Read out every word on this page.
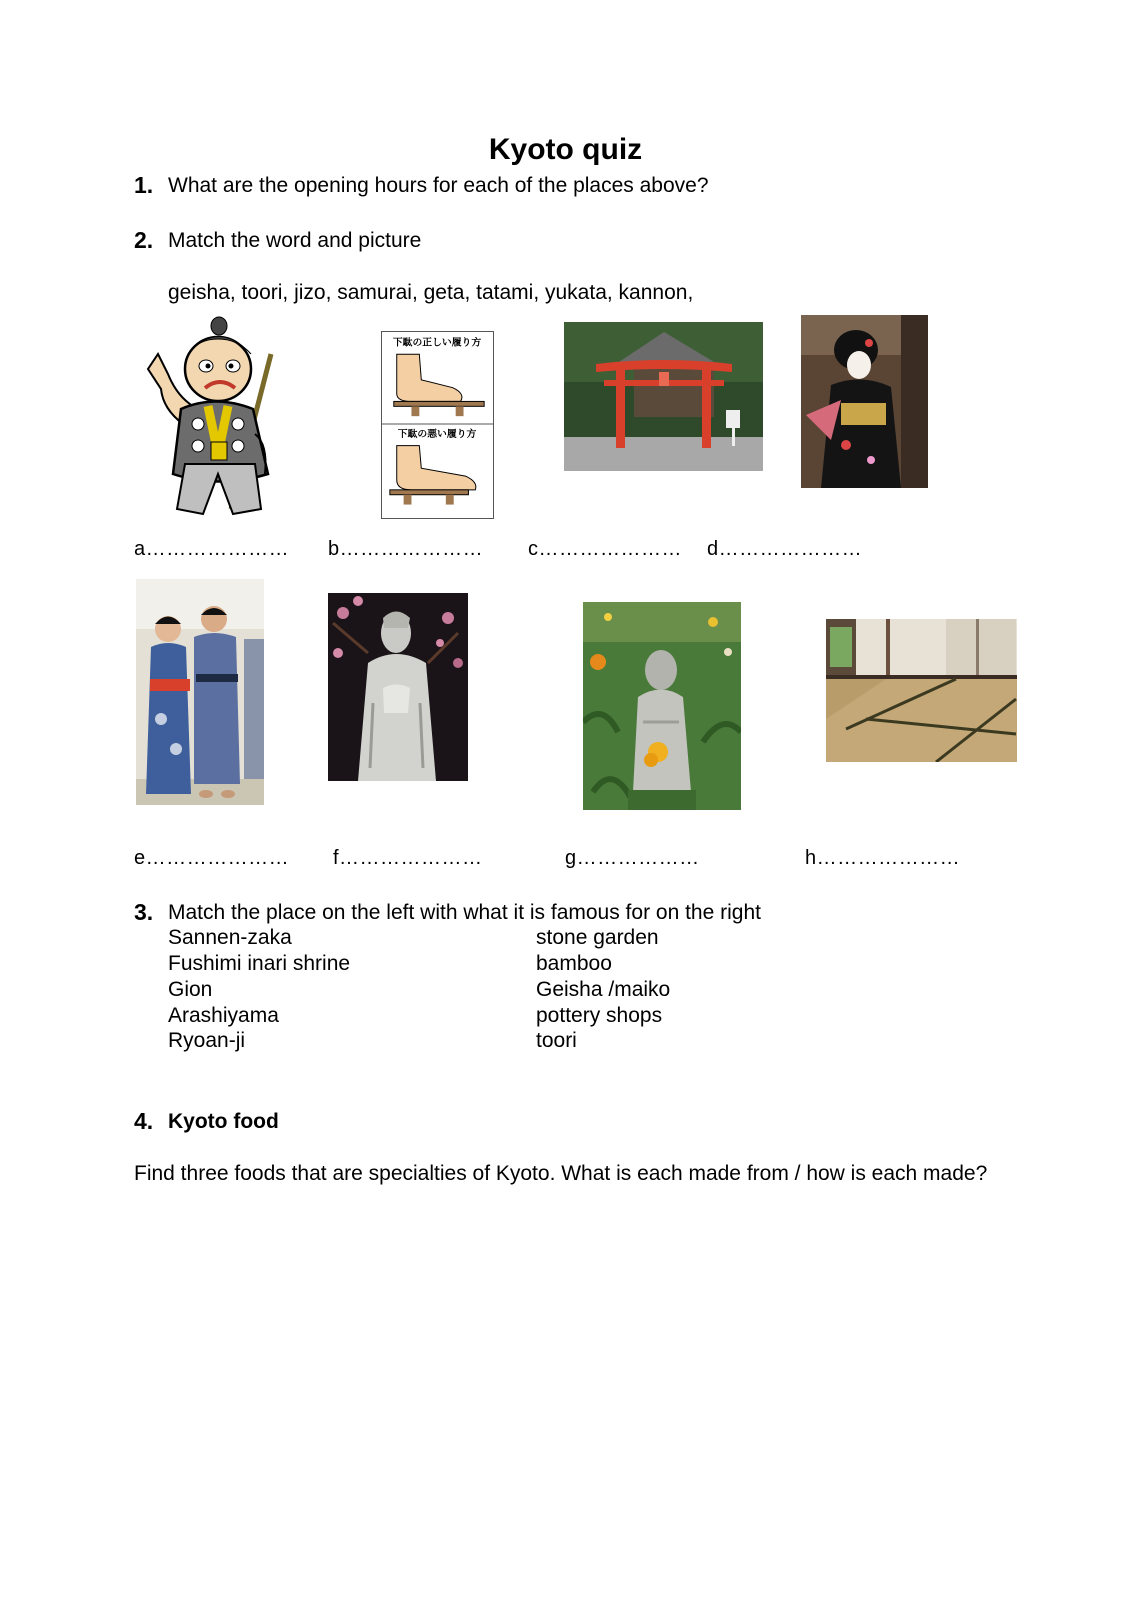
Kyoto quiz
1. What are the opening hours for each of the places above?
2. Match the word and picture
geisha, toori, jizo, samurai, geta, tatami, yukata, kannon,
下駄の正しい履り方
下駄の悪い履り方
a………………… b………………… c………………… d…………………
e………………… f…………………	g………………	h…………………
3. Match the place on the left with what it is famous for on the right
Sannen-zaka
Fushimi inari shrine
Gion
Arashiyama
Ryoan-ji
stone garden
bamboo
Geisha /maiko
pottery shops
toori
4. Kyoto food
Find three foods that are specialties of Kyoto. What is each made from / how is each made?
